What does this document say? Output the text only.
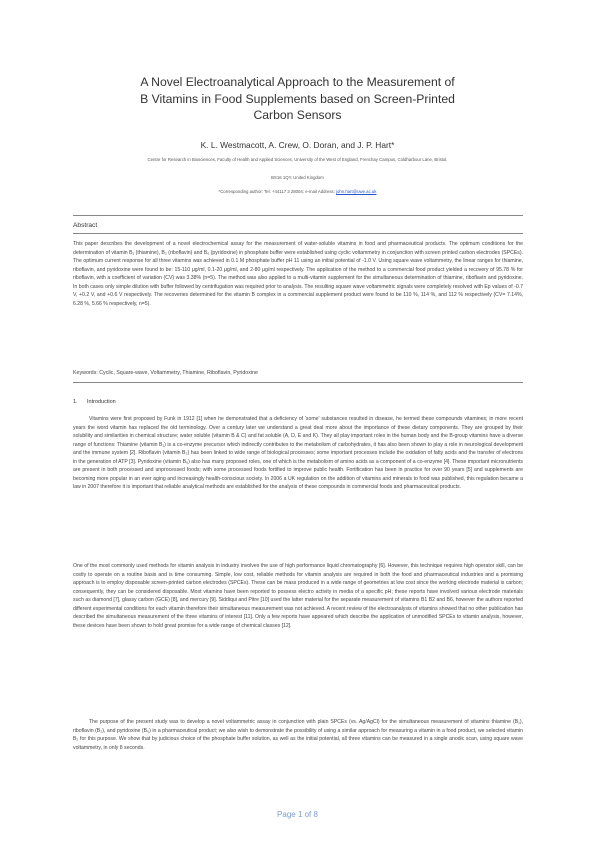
A Novel Electroanalytical Approach to the Measurement of
B Vitamins in Food Supplements based on Screen-Printed
Carbon Sensors
K. L. Westmacott, A. Crew, O. Doran, and J. P. Hart*
Centre for Research in Biosciences, Faculty of Health and Applied Sciences, University of the West of England, Frenchay Campus, Coldharbour Lane, Bristol,
BS16 1QY, United Kingdom
*Corresponding author: Tel: +44117 3 28004; e-mail Address: john.hart@uwe.ac.uk
Abstract

This paper describes the development of a novel electrochemical assay for the measurement of water-soluble vitamins in food and pharmaceutical products. The optimum conditions for the determination of vitamin B₁ (thiamine), B₂ (riboflavin) and B₆ (pyridoxine) in phosphate buffer were established using cyclic voltammetry in conjunction with screen printed carbon electrodes (SPCEs). The optimum current response for all three vitamins was achieved in 0.1 M phosphate buffer pH 11 using an initial potential of -1.0 V. Using square wave voltammetry, the linear ranges for thiamine, riboflavin, and pyridoxine were found to be: 15-110 μg/ml, 0.1-20 μg/ml, and 2-80 μg/ml respectively. The application of the method to a commercial food product yielded a recovery of 95.78 % for riboflavin, with a coefficient of variation (CV) was 3.38% (n=5). The method was also applied to a multi-vitamin supplement for the simultaneous determination of thiamine, riboflavin and pyridoxine. In both cases only simple dilution with buffer followed by centrifugation was required prior to analysis. The resulting square wave voltammetric signals were completely resolved with Ep values of -0.7 V, +0.2 V, and +0.6 V respectively. The recoveries determined for the vitamin B complex in a commercial supplement product were found to be 110 %, 114 %, and 112 % respectively (CV= 7.14%, 6.28 %, 5.66 % respectively, n=5).

Keywords: Cyclic, Square-wave, Voltammetry, Thiamine, Riboflavin, Pyridoxine
1. Introduction

Vitamins were first proposed by Funk in 1912 [1] when he demonstrated that a deficiency of 'some' substances resulted in disease, he termed these compounds vitamines; in more recent years the word vitamin has replaced the old terminology. Over a century later we understand a great deal more about the importance of these dietary components. They are grouped by their solubility and similarities in chemical structure; water soluble (vitamin B & C) and fat soluble (A, D, E and K). They all play important roles in the human body and the B-group vitamins have a diverse range of functions: Thiamine (vitamin B₁) is a co-enzyme precursor which indirectly contributes to the metabolism of carbohydrates, it has also been shown to play a role in neurological development and the immune system [2]. Riboflavin (vitamin B₂) has been linked to wide range of biological processes; some important processes include the oxidation of fatty acids and the transfer of electrons in the generation of ATP [3]. Pyridoxine (vitamin B₆) also has many proposed roles, one of which is the metabolism of amino acids as a component of a co-enzyme [4]. These important micronutrients are present in both processed and unprocessed foods; with some processed foods fortified to improve public health. Fortification has been in practice for over 90 years [5] and supplements are becoming more popular in an ever aging and increasingly health-conscious society. In 2006 a UK regulation on the addition of vitamins and minerals to food was published, this regulation became a law in 2007 therefore it is important that reliable analytical methods are established for the analysis of these compounds in commercial foods and pharmaceutical products.

One of the most commonly used methods for vitamin analysis in industry involves the use of high performance liquid chromatography [6]. However, this technique requires high operator skill, can be costly to operate on a routine basis and is time consuming. Simple, low cost, reliable methods for vitamin analysis are required in both the food and pharmaceutical industries and a promising approach is to employ disposable screen-printed carbon electrodes (SPCEs). These can be mass produced in a wide range of geometries at low cost since the working electrode material is carbon; consequently, they can be considered disposable. Most vitamins have been reported to possess electro activity in media of a specific pH; these reports have involved various electrode materials such as diamond [7], glassy carbon (GCE) [8], and mercury [9]. Siddiqui and Pitre [10] used the latter material for the separate measurement of vitamins B1 B2 and B6, however the authors reported different experimental conditions for each vitamin therefore their simultaneous measurement was not achieved. A recent review of the electroanalysis of vitamins showed that no other publication has described the simultaneous measurement of the three vitamins of interest [11]. Only a few reports have appeared which describe the application of unmodified SPCEs to vitamin analysis, however, these devices have been shown to hold great promise for a wide range of chemical classes [12].

The purpose of the present study was to develop a novel voltammetric assay in conjunction with plain SPCEs (vs. Ag/AgCl) for the simultaneous measurement of vitamins thiamine (B₁), riboflavin (B₂), and pyridoxine (B₆) in a pharmaceutical product; we also wish to demonstrate the possibility of using a similar approach for measuring a vitamin in a food product, we selected vitamin B₂ for this purpose. We show that by judicious choice of the phosphate buffer solution, as well as the initial potential, all three vitamins can be measured in a single anodic scan, using square wave voltammetry, in only 8 seconds.

Page 1 of 8
